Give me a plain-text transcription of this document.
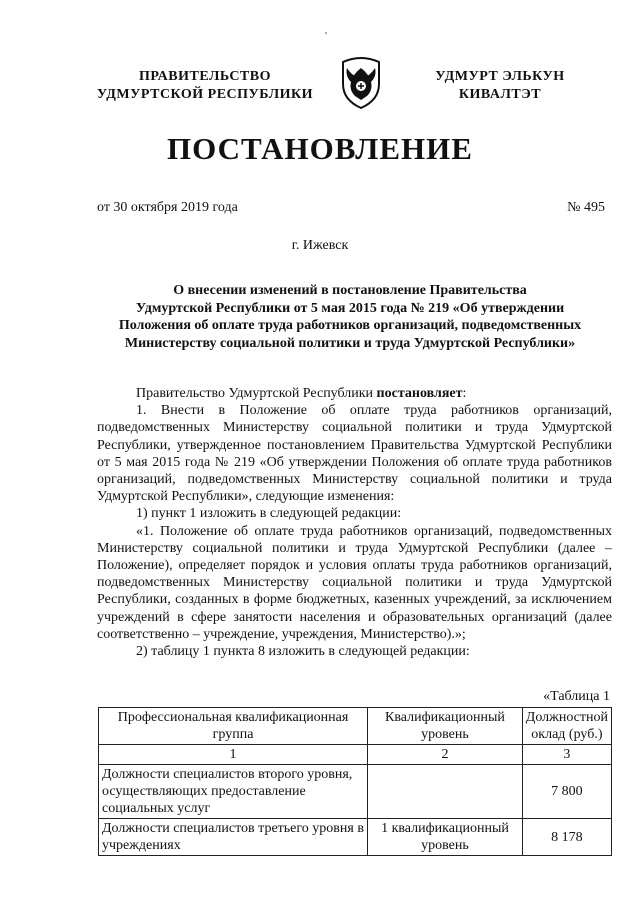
ПРАВИТЕЛЬСТВО
УДМУРТСКОЙ РЕСПУБЛИКИ
УДМУРТ ЭЛЬКУН
КИВАЛТЭТ
ПОСТАНОВЛЕНИЕ
от 30 октября 2019 года	№ 495
г. Ижевск
О внесении изменений в постановление Правительства
Удмуртской Республики от 5 мая 2015 года № 219 «Об утверждении
Положения об оплате труда работников организаций, подведомственных
Министерству социальной политики и труда Удмуртской Республики»

Правительство Удмуртской Республики постановляет:

1. Внести в Положение об оплате труда работников организаций, подведомственных Министерству социальной политики и труда Удмуртской Республики, утвержденное постановлением Правительства Удмуртской Республики от 5 мая 2015 года № 219 «Об утверждении Положения об оплате труда работников организаций, подведомственных Министерству социальной политики и труда Удмуртской Республики», следующие изменения:

1) пункт 1 изложить в следующей редакции:

«1. Положение об оплате труда работников организаций, подведомственных Министерству социальной политики и труда Удмуртской Республики (далее – Положение), определяет порядок и условия оплаты труда работников организаций, подведомственных Министерству социальной политики и труда Удмуртской Республики, созданных в форме бюджетных, казенных учреждений, за исключением учреждений в сфере занятости населения и образовательных организаций (далее соответственно – учреждение, учреждения, Министерство).»;

2) таблицу 1 пункта 8 изложить в следующей редакции:

«Таблица 1
Профессиональная квалификационная группа	Квалификационный уровень	Должностной оклад (руб.)
1	2	3
Должности специалистов второго уровня, осуществляющих предоставление социальных услуг		7 800
Должности специалистов третьего уровня в учреждениях	1 квалификационный уровень	8 178
